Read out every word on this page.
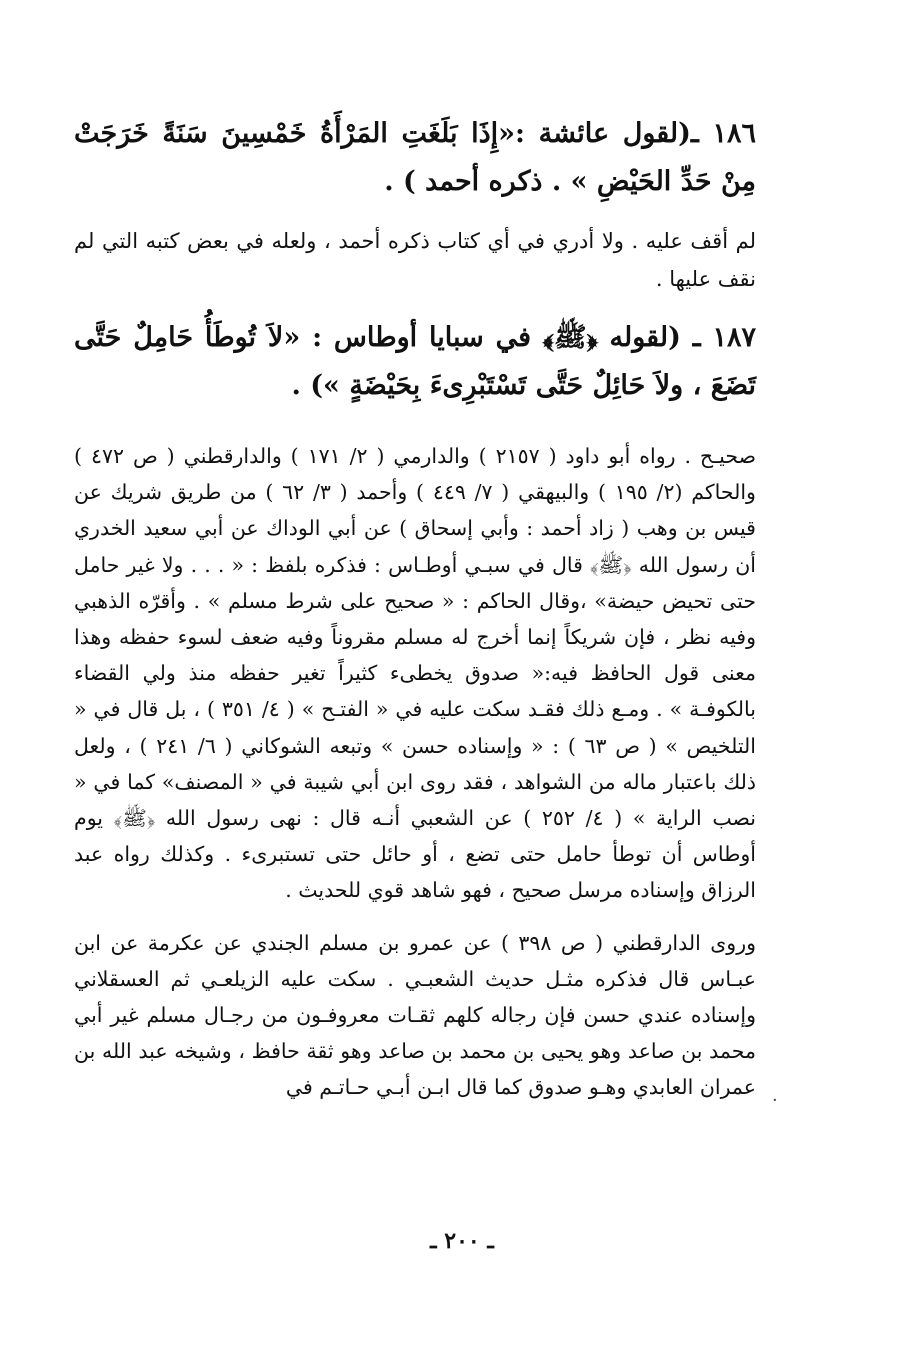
١٨٦ ـ(لقول عائشة :«إِذَا بَلَغَتِ المَرْأَةُ خَمْسِينَ سَنَةً خَرَجَتْ مِنْ حَدِّ الحَيْضِ » . ذكره أحمد ) .

لم أقف عليه . ولا أدري في أي كتاب ذكره أحمد ، ولعله في بعض كتبه التي لم نقف عليها .

١٨٧ ـ (لقوله ﴿ﷺ﴾ في سبايا أوطاس : «لاَ تُوطَأُ حَامِلٌ حَتَّى تَضَعَ ، ولاَ حَائِلٌ حَتَّى تَسْتَبْرِىءَ بِحَيْضَةٍ ») .

صحيـح . رواه أبو داود ( ٢١٥٧ ) والدارمي ( ٢/ ١٧١ ) والدارقطني ( ص ٤٧٢ ) والحاكم (٢/ ١٩٥ ) والبيهقي ( ٧/ ٤٤٩ ) وأحمد ( ٣/ ٦٢ ) من طريق شريك عن قيس بن وهب ( زاد أحمد : وأبي إسحاق ) عن أبي الوداك عن أبي سعيد الخدري أن رسول الله ﴿ﷺ﴾ قال في سبـي أوطـاس : فذكره بلفظ : « . . . ولا غير حامل حتى تحيض حيضة» ،وقال الحاكم : « صحيح على شرط مسلم » . وأقرّه الذهبي وفيه نظر ، فإن شريكاً إنما أخرج له مسلم مقروناً وفيه ضعف لسوء حفظه وهذا معنى قول الحافظ فيه:« صدوق يخطىء كثيراً تغير حفظه منذ ولي القضاء بالكوفـة » . ومـع ذلك فقـد سكت عليه في « الفتـح » ( ٤/ ٣٥١ ) ، بل قال في « التلخيص » ( ص ٦٣ ) : « وإسناده حسن » وتبعه الشوكاني ( ٦/ ٢٤١ ) ، ولعل ذلك باعتبار ماله من الشواهد ، فقد روى ابن أبي شيبة في « المصنف» كما في « نصب الراية » ( ٤/ ٢٥٢ ) عن الشعبي أنـه قال : نهى رسول الله ﴿ﷺ﴾ يوم أوطاس أن توطأ حامل حتى تضع ، أو حائل حتى تستبرىء . وكذلك رواه عبد الرزاق وإسناده مرسل صحيح ، فهو شاهد قوي للحديث .

وروى الدارقطني ( ص ٣٩٨ ) عن عمرو بن مسلم الجندي عن عكرمة عن ابن عبـاس قال فذكره مثـل حديث الشعبـي . سكت عليه الزيلعـي ثم العسقلاني وإسناده عندي حسن فإن رجاله كلهم ثقـات معروفـون من رجـال مسلم غير أبي محمد بن صاعد وهو يحيى بن محمد بن صاعد وهو ثقة حافظ ، وشيخه عبد الله بن عمران العابدي وهـو صدوق كما قال ابـن أبـي حـاتـم في

·
ـ ٢٠٠ ـ
